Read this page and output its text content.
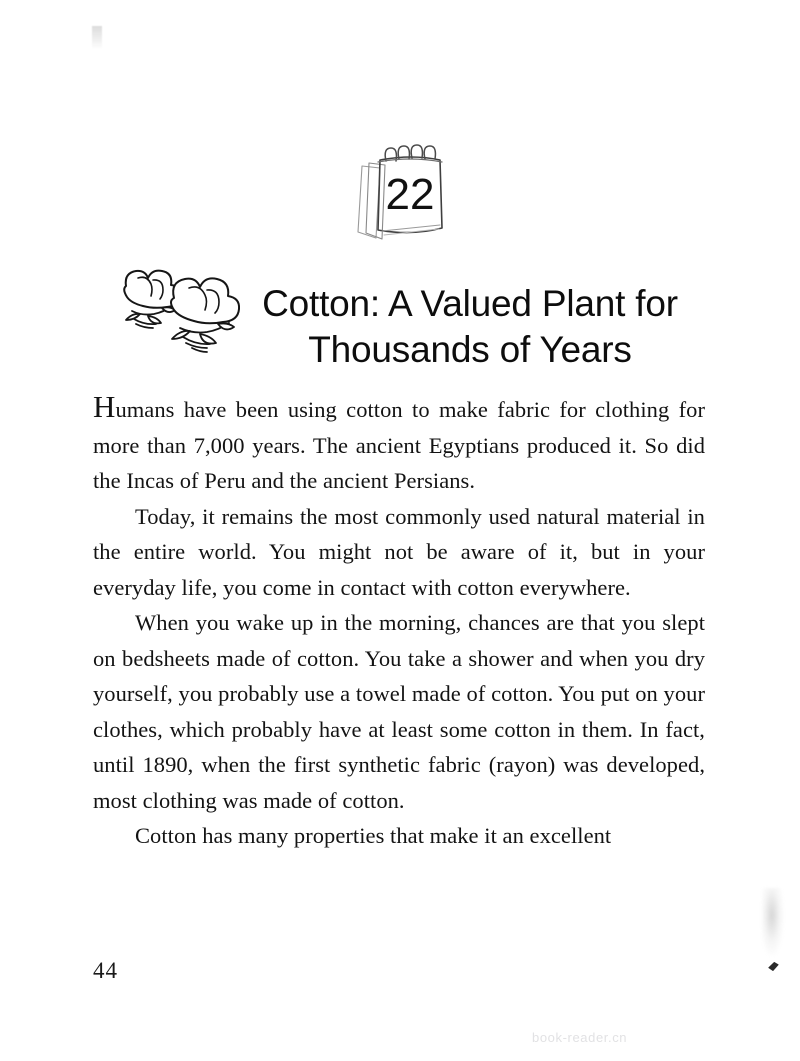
22
Cotton: A Valued Plant for
Thousands of Years

Humans have been using cotton to make fabric for clothing for more than 7,000 years. The ancient Egyptians produced it. So did the Incas of Peru and the ancient Persians.

Today, it remains the most commonly used natural material in the entire world. You might not be aware of it, but in your everyday life, you come in contact with cotton everywhere.

When you wake up in the morning, chances are that you slept on bedsheets made of cotton. You take a shower and when you dry yourself, you probably use a towel made of cotton. You put on your clothes, which probably have at least some cotton in them. In fact, until 1890, when the first synthetic fabric (rayon) was developed, most clothing was made of cotton.

Cotton has many properties that make it an excellent

44
book-reader.cn
